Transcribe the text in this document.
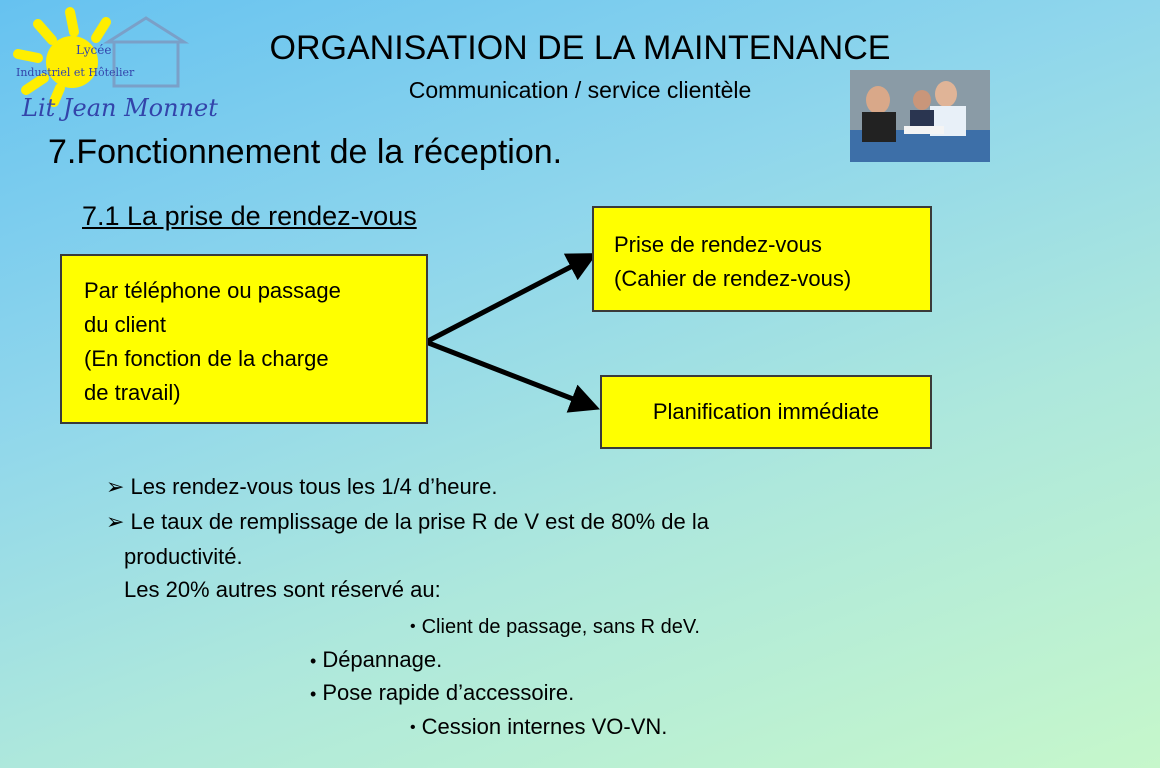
Lycée
Industriel et Hôtelier
Lit Jean Monnet
ORGANISATION DE LA MAINTENANCE
Communication / service clientèle
7.Fonctionnement de la réception.
7.1 La prise de rendez-vous
Par téléphone ou passage
du client
(En fonction de la charge
de travail)
Prise de rendez-vous
(Cahier de rendez-vous)
Planification immédiate
➢ Les rendez-vous tous les 1/4 d’heure.
➢ Le taux de remplissage de la prise R de V est de 80% de la
productivité.
Les 20% autres sont réservé au:
• Client de passage, sans R deV.
• Dépannage.
• Pose rapide d’accessoire.
• Cession internes VO-VN.
